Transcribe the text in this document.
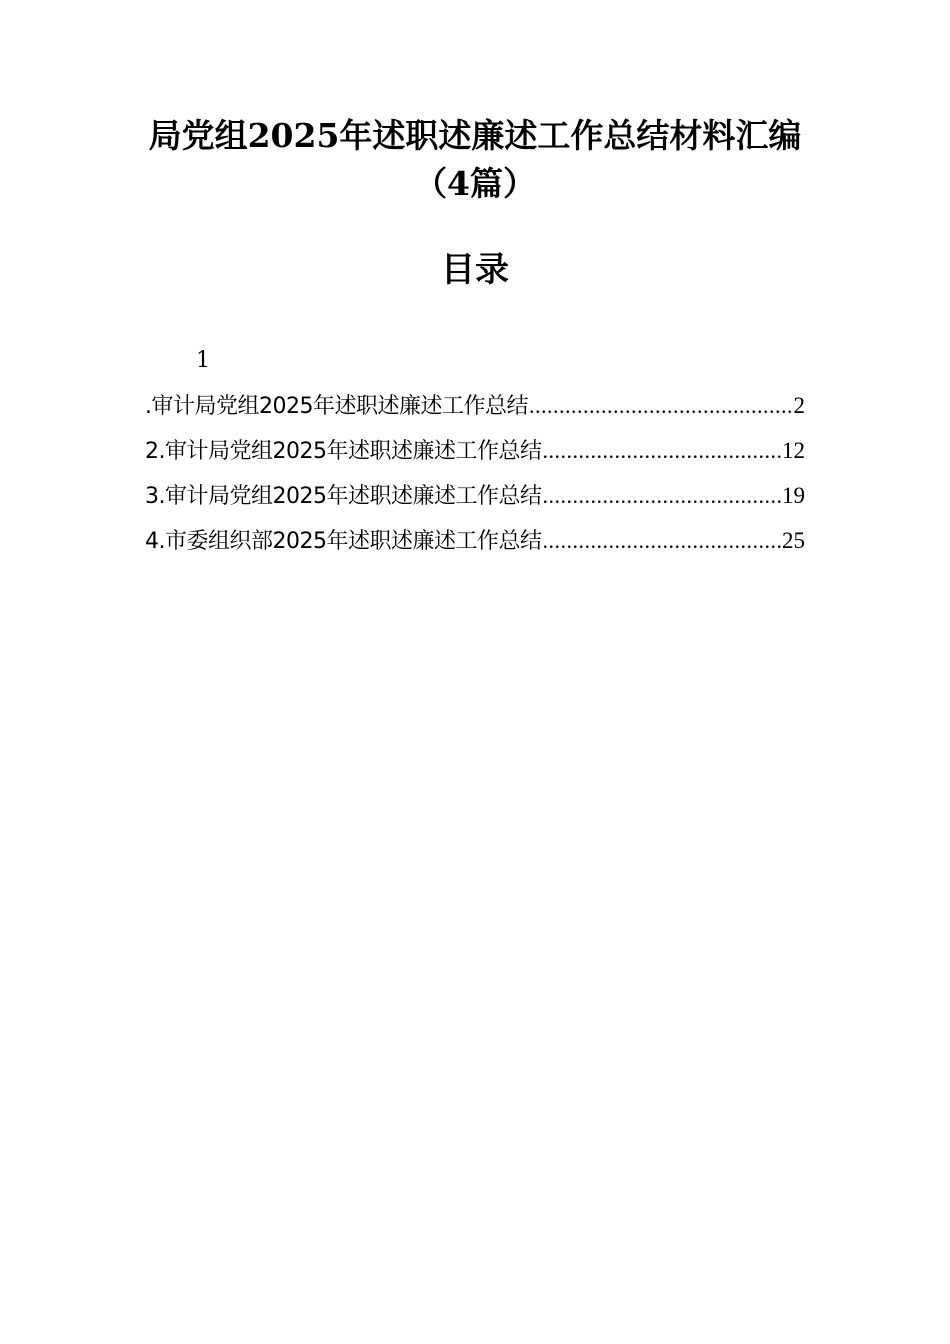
局党组2025年述职述廉述工作总结材料汇编（4篇）
目录
1
.审计局党组2025年述职述廉述工作总结 .....	2
2.审计局党组2025年述职述廉述工作总结 .....	12
3.审计局党组2025年述职述廉述工作总结 .....	19
4.市委组织部2025年述职述廉述工作总结 .....	25
